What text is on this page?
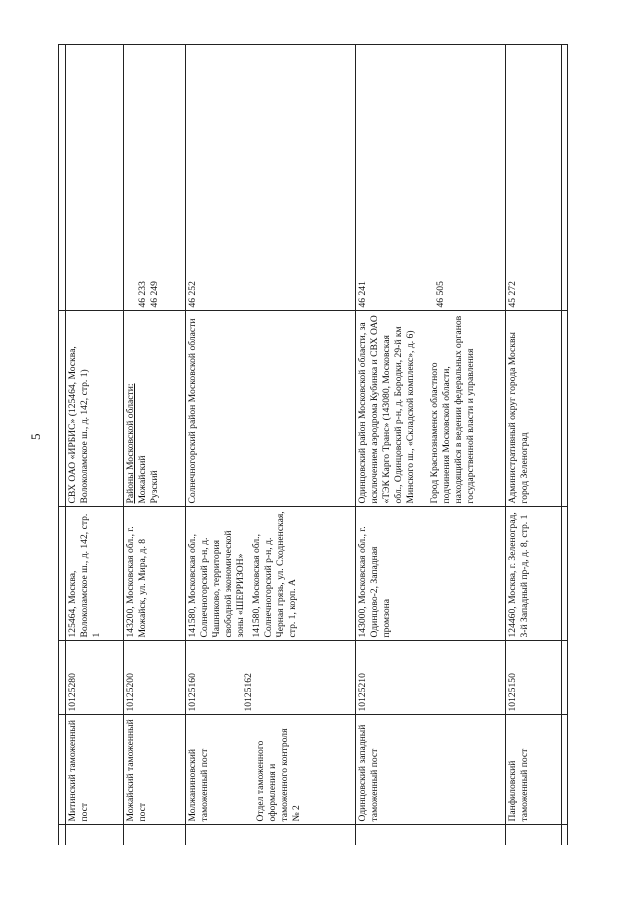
5

	Митинский таможенный пост	10125280	125464, Москва, Волоколамское ш., д. 142, стр. 1	СВХ ОАО «ИРБИС» (125464, Москва, Волоколамское ш., д. 142, стр. 1)	
	Можайский таможенный пост	10125200	143200, Московская обл., г. Можайск, ул. Мира, д. 8	Районы Московской области: Можайский Рузский	46 233 46 249

	Молжаниновский таможенный пост Отдел таможенного оформления и таможенного контроля № 2	10125160 10125162	141580, Московская обл., Солнечногорский р-н, д. Чашниково, территория свободной экономической зоны «ШЕРРИЗОН» 141580, Московская обл., Солнечногорский р-н, д. Черная грязь, ул. Сходненская, стр. 1, корп. А	Солнечногорский район Московской области	46 252
	Одинцовский западный таможенный пост	10125210	143000, Московская обл., г. Одинцово-2, Западная промзона	Одинцовский район Московской области, за исключением аэродрома Кубинка и СВХ ОАО «ТЭК Карго Транс» (143080, Московская обл., Одинцовский р-н, д. Бородки, 29-й км Минского ш., «Складской комплекс», д. 6) Город Краснознаменск областного подчинения Московской области, находящийся в ведении федеральных органов государственной власти и управления	46 241 46 505

	Панфиловский таможенный пост	10125150	124460, Москва, г. Зеленоград, 3-й Западный пр-д, д. 8, стр. 1	Административный округ города Москвы город Зеленоград	45 272
